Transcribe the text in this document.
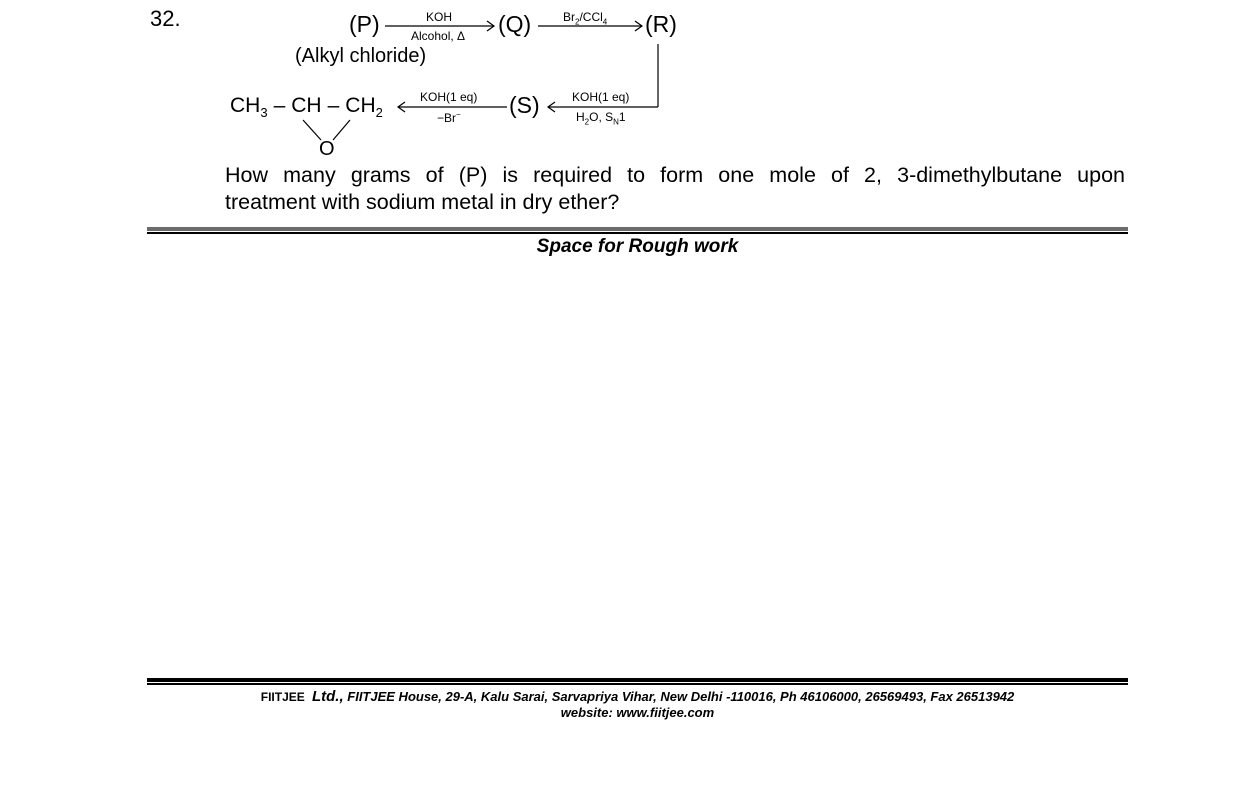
32.	(P)	KOH
Alcohol, Δ (Q)	$Br_2/CCl_4$ (R)
(Alkyl chloride)
KOH(1 eq)
$H_2O$, $S_N1$
(S)
KOH(1 eq)
−Br−
$CH_3$ – CH – $CH_2$
O
How many grams of (P) is required to form one mole of 2, 3-dimethylbutane upon
treatment with sodium metal in dry ether?
Space for Rough work
FIITJEE Ltd., FIITJEE House, 29-A, Kalu Sarai, Sarvapriya Vihar, New Delhi -110016, Ph 46106000, 26569493, Fax 26513942
website: www.fiitjee.com
